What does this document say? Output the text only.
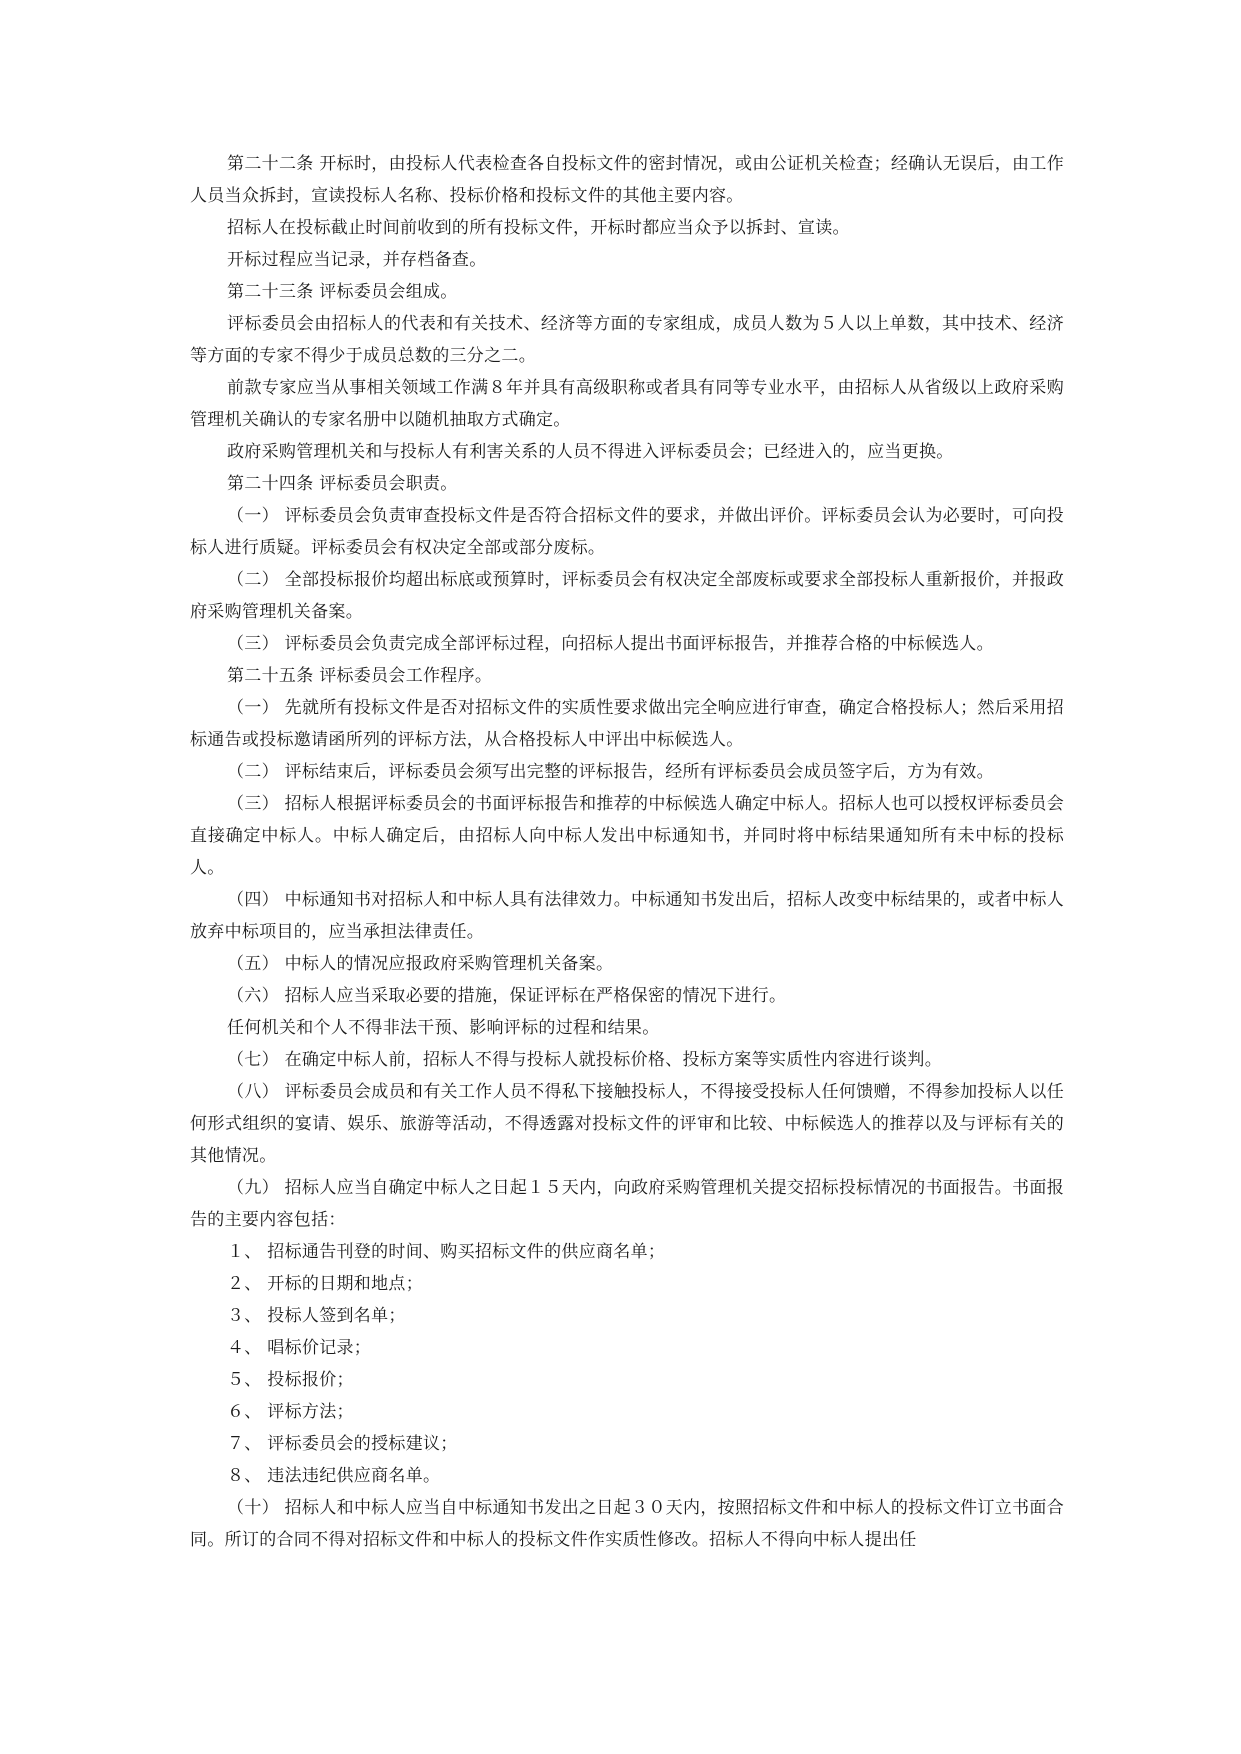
第二十二条 开标时，由投标人代表检查各自投标文件的密封情况，或由公证机关检查；经确认无误后，由工作人员当众拆封，宣读投标人名称、投标价格和投标文件的其他主要内容。

招标人在投标截止时间前收到的所有投标文件，开标时都应当众予以拆封、宣读。

开标过程应当记录，并存档备查。

第二十三条 评标委员会组成。

评标委员会由招标人的代表和有关技术、经济等方面的专家组成，成员人数为５人以上单数，其中技术、经济等方面的专家不得少于成员总数的三分之二。

前款专家应当从事相关领域工作满８年并具有高级职称或者具有同等专业水平，由招标人从省级以上政府采购管理机关确认的专家名册中以随机抽取方式确定。

政府采购管理机关和与投标人有利害关系的人员不得进入评标委员会；已经进入的，应当更换。

第二十四条 评标委员会职责。

（一） 评标委员会负责审查投标文件是否符合招标文件的要求，并做出评价。评标委员会认为必要时，可向投标人进行质疑。评标委员会有权决定全部或部分废标。

（二） 全部投标报价均超出标底或预算时，评标委员会有权决定全部废标或要求全部投标人重新报价，并报政府采购管理机关备案。

（三） 评标委员会负责完成全部评标过程，向招标人提出书面评标报告，并推荐合格的中标候选人。

第二十五条 评标委员会工作程序。

（一） 先就所有投标文件是否对招标文件的实质性要求做出完全响应进行审查，确定合格投标人；然后采用招标通告或投标邀请函所列的评标方法，从合格投标人中评出中标候选人。

（二） 评标结束后，评标委员会须写出完整的评标报告，经所有评标委员会成员签字后，方为有效。

（三） 招标人根据评标委员会的书面评标报告和推荐的中标候选人确定中标人。招标人也可以授权评标委员会直接确定中标人。中标人确定后，由招标人向中标人发出中标通知书，并同时将中标结果通知所有未中标的投标人。

（四） 中标通知书对招标人和中标人具有法律效力。中标通知书发出后，招标人改变中标结果的，或者中标人放弃中标项目的，应当承担法律责任。

（五） 中标人的情况应报政府采购管理机关备案。

（六） 招标人应当采取必要的措施，保证评标在严格保密的情况下进行。

任何机关和个人不得非法干预、影响评标的过程和结果。

（七） 在确定中标人前，招标人不得与投标人就投标价格、投标方案等实质性内容进行谈判。

（八） 评标委员会成员和有关工作人员不得私下接触投标人，不得接受投标人任何馈赠，不得参加投标人以任何形式组织的宴请、娱乐、旅游等活动，不得透露对投标文件的评审和比较、中标候选人的推荐以及与评标有关的其他情况。

（九） 招标人应当自确定中标人之日起１５天内，向政府采购管理机关提交招标投标情况的书面报告。书面报告的主要内容包括：

１、 招标通告刊登的时间、购买招标文件的供应商名单；

２、 开标的日期和地点；

３、 投标人签到名单；

４、 唱标价记录；

５、 投标报价；

６、 评标方法；

７、 评标委员会的授标建议；

８、 违法违纪供应商名单。

（十） 招标人和中标人应当自中标通知书发出之日起３０天内，按照招标文件和中标人的投标文件订立书面合同。所订的合同不得对招标文件和中标人的投标文件作实质性修改。招标人不得向中标人提出任
